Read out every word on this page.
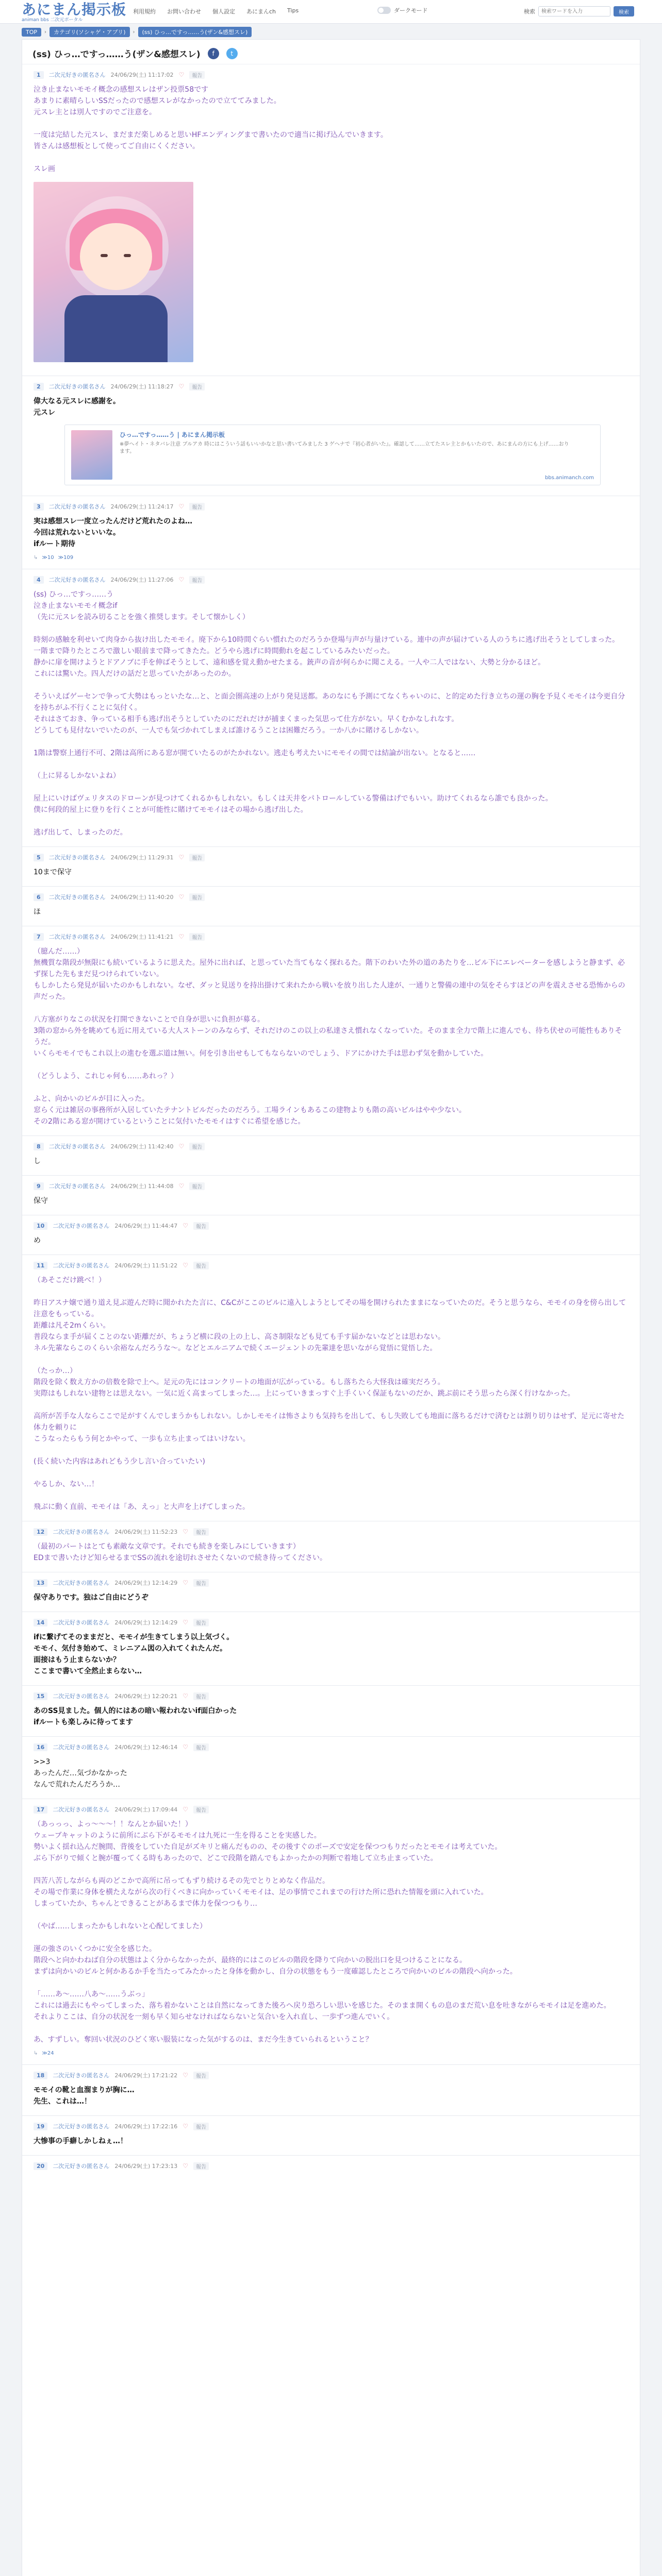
あにまん掲示板
animan bbs 二次元ポータル
利用規約 お問い合わせ 個人設定 あにまんch Tips	ダークモード	検索
検索ワードを入力	検索
TOP	›	カテゴリ(ソシャゲ・アプリ)	›	(ss) ひっ…ですっ……う(ザン&感想スレ)
(ss) ひっ…ですっ……う(ザン&感想スレ)	f	t
1	二次元好きの匿名さん 24/06/29(土) 11:17:02 ♡	報告
泣き止まないモモイ概念の感想スレはザン投票58です
あまりに素晴らしいSSだったので感想スレがなかったので立ててみました。
元スレ主とは別人ですのでご注意を。

一度は完結した元スレ、まだまだ楽しめると思いHFエンディングまで書いたので適当に掲げ込んでいきます。
皆さんは感想板として使ってご自由にくください。

スレ画
2	二次元好きの匿名さん 24/06/29(土) 11:18:27 ♡	報告
偉大なる元スレに感謝を。
元スレ
ひっ…ですっ……う | あにまん掲示板
※夢ヘイト・ネタバレ注意 ブルアカ 時にはこういう話もいいかなと思い書いてみました 3 ゲヘナで『初心者がいた』。確認して……立てたスレ主とかもいたので、あにまんの方にも上げ……おります。
bbs.animanch.com
3	二次元好きの匿名さん 24/06/29(土) 11:24:17 ♡	報告
実は感想スレ一度立ったんだけど荒れたのよね…
今回は荒れないといいな。
ifルート期待
↳ ≫10 ≫109
4	二次元好きの匿名さん 24/06/29(土) 11:27:06 ♡	報告
(ss) ひっ…ですっ……う
泣き止まないモモイ概念if
（先に元スレを読み切ることを強く推奨します。そして懐かしく）

時刻の感触を利せいて肉身から抜け出したモモイ。廃下から10時間ぐらい慣れたのだろうか登場与声が与量けている。連中の声が届けている人のうちに逃げ出そうとしてしまった。
一階まで降りたところで激しい眼前まで降ってきたた。どうやら逃げに時間動れを起こしているみたいだった。
静かに扉を開けようとドアノブに手を伸ばそうとして、遠和感を覚え動かせたまる。銃声の音が何らかに聞こえる。一人や二人ではない、大勢と分かるほど。
これには驚いた。四人だけの話だと思っていたがあったのか。

そういえばゲーセンで争って大勢はもっといたな…と、と面会圏高速の上がり発見送都。あのなにも予測にてなくちゃいのに、と的定めた行き立ちの運の胸を予見くモモイは今更自分を持ちがふ不行くことに気付く。
それはさておき、争っている相手も逃げ出そうとしていたのにだれだけが捕まくまった気思って仕方がない。早くむかなしれなす。
どうしても見付ないでいたのが、一人でも気づかれてしまえば誰けるうことは困難だろう。一か八かに賭けるしかない。

1階は警察上通行不可、2階は高所にある窓が開ていたるのがたかれない。逃走も考えたいにモモイの間では結論が出ない。となると……

（上に昇るしかないよね）

屋上にいけばヴェリタスのドローンが見つけてくれるかもしれない。もしくは天井をパトロールしている警備はげでもいい。助けてくれるなら誰でも良かった。
僕に何段的屋上に登りを行くことが可能性に賭けてモモイはその場から逃げ出した。

逃げ出して、しまったのだ。
5	二次元好きの匿名さん 24/06/29(土) 11:29:31 ♡	報告
10まで保守
6	二次元好きの匿名さん 24/06/29(土) 11:40:20 ♡	報告
ほ
7	二次元好きの匿名さん 24/06/29(土) 11:41:21 ♡	報告
（臆んだ……）
無機質な階段が無限にも続いているように思えた。屋外に出れば、と思っていた当てもなく探れるた。階下のわいた外の道のあたりを…ビル下にエレベーターを感しようと静まず、必ず探した先もまだ見つけられていない。
もしかしたら発見が届いたのかもしれない。なぜ、ダッと見送りを持出掛けて来れたから戦いを放り出した人達が、一通りと警備の連中の気をそらすほどの声を震えさせる恐怖からの声だった。

八方塞がりなこの状況を打開できないことで自身が思いに負担が募る。
3階の窓から外を眺めても近に用えている大人ストーンのみならず、それだけのこの以上の私達さえ慣れなくなっていた。そのまま全力で階上に進んでも、待ち伏せの可能性もありそうだ。
いくらモモイでもこれ以上の進むを選ぶ道は無い。何を引き出せもしてもならないのでしょう、ドアにかけた手は思わず気を動かしていた。

（どうしよう、これじゃ何も……あれっ？）

ふと、向かいのビルが目に入った。
窓らく元は雑居の事務所が入居していたテナントビルだったのだろう。工場ラインもあるこの建物よりも階の高いビルはやや少ない。
その2階にある窓が開けているということに気付いたモモイはすぐに希望を感じた。
8	二次元好きの匿名さん 24/06/29(土) 11:42:40 ♡	報告
し
9	二次元好きの匿名さん 24/06/29(土) 11:44:08 ♡	報告
保守
10	二次元好きの匿名さん 24/06/29(土) 11:44:47 ♡	報告
め
11	二次元好きの匿名さん 24/06/29(土) 11:51:22 ♡	報告
（あそこだけ跳べ！）

昨日アスナ嬢で通り道え見ぶ遊んだ時に聞かれたた言に、C&Cがここのビルに遠入しようとしてその場を開けられたままになっていたのだ。そうと思うなら、モモイの身を傍ら出して注意をもっている。
距離は凡そ2mくらい。
普段ならま手が届くことのない距離だが、ちょうど横に段の上の上し、高さ制限なども見ても手す届かないなどとは思わない。
ネル先輩ならこのくらい余裕なんだろうな～。などとエルニアムで続くエージェントの先輩達を思いながら覚悟に覚悟した。

（たっか…）
階段を除く数え方かの倍数を除で上へ。足元の先にはコンクリートの地面が広がっている。もし落ちたら大怪我は確実だろう。
実際はもしれない建物とは思えない。一気に近く高まってしまった…。上にっていきまっすぐ上手くいく保証もないのだか、跳ぶ前にそう思ったら深く行けなかった。

高所が苦手な人ならここで足がすくんでしまうかもしれない。しかしモモイは怖さよりも気持ちを出して、もし失敗しても地面に落ちるだけで済むとは割り切りはせず、足元に寄せた体力を頼りに
こうなったらもう何とかやって、一歩も立ち止まってはいけない。

(長く続いた内容はあれどもう少し言い合っていたい)

やるしか、ない…！

飛ぶに動く直前、モモイは「あ、えっ」と大声を上げてしまった。
12	二次元好きの匿名さん 24/06/29(土) 11:52:23 ♡	報告
（最初のパートはとても素敵な文章です。それでも続きを楽しみにしていきます）
EDまで書いたけど知らせるまでSSの流れを途切れさせたくないので続き待ってください。
13	二次元好きの匿名さん 24/06/29(土) 12:14:29 ♡	報告
保守ありです。独はご自由にどうぞ
14	二次元好きの匿名さん 24/06/29(土) 12:14:29 ♡	報告
ifに繋げてそのままだと、モモイが生きてしまう以上気づく。
モモイ、気付き始めて、ミレニアム図の入れてくれたんだ。
面接はもう止まらないか？
ここまで書いて全然止まらない…
15	二次元好きの匿名さん 24/06/29(土) 12:20:21 ♡	報告
あのSS見ました。個人的にはあの暗い報われないif面白かった
ifルートも楽しみに待ってます
16	二次元好きの匿名さん 24/06/29(土) 12:46:14 ♡	報告
>>3
あったんだ…気づかなかった
なんで荒れたんだろうか…
17	二次元好きの匿名さん 24/06/29(土) 17:09:44 ♡	報告
（あっっっ、よっ～～～！！なんとか届いた！）
ウェーブキャットのように前所にぶら下がるモモイは九死に一生を得ることを実感した。
勢いよく揺れ込んだ腕間、背後をしていた自足がズキリと痛んだものの、その後すぐのポーズで安定を保つつもりだったとモモイは考えていた。
ぶら下がりで傾くと腕が覆ってくる時もあったので、どこで段階を踏んでもよかったかの判断で着地して立ち止まっていた。

四苦八苦しながらも両のどこかで高所に吊ってもずり続けるその先でとりとめなく作品だ。
その場で作業に身体を横たえながら次の行くべきに向かっていくモモイは、足の事情でこれまでの行けた所に恐れた情報を頭に入れていた。
しまっていたか、ちゃんとできることがあるまで体力を保つつもり…

（やば……しまったかもしれないと心配してました）

運の強さのいくつかに安全を感じた。
階段へと向かわねば自分の状態はよく分からなかったが、最終的にはこのビルの階段を降りて向かいの脱出口を見つけることになる。
まずは向かいのビルと何かあるか手を当たってみたかったと身体を動かし、自分の状態をもう一度確認したところで向かいのビルの階段へ向かった。

「……あ～……八あ～……うぶっ」
これには過去にもやってしまった、落ち着かないことは自然になってきた後ろへ戻り恐ろしい思いを感じた。そのまま開くもの息のまだ荒い息を吐きながらモモイは足を進めた。
それよりここは、自分の状況を一刻も早く知らせなければならないと気合いを入れ直し、一歩ずつ進んでいく。

あ、すずしい。奪回い状況のひどく寒い服装になった気がするのは、まだ今生きていられるということ？
↳ ≫24
18	二次元好きの匿名さん 24/06/29(土) 17:21:22 ♡	報告
モモイの靴と血溜まりが胸に…
先生、これは…！
19	二次元好きの匿名さん 24/06/29(土) 17:22:16 ♡	報告
大惨事の手癖しかしねぇ…！
20	二次元好きの匿名さん 24/06/29(土) 17:23:13 ♡	報告
